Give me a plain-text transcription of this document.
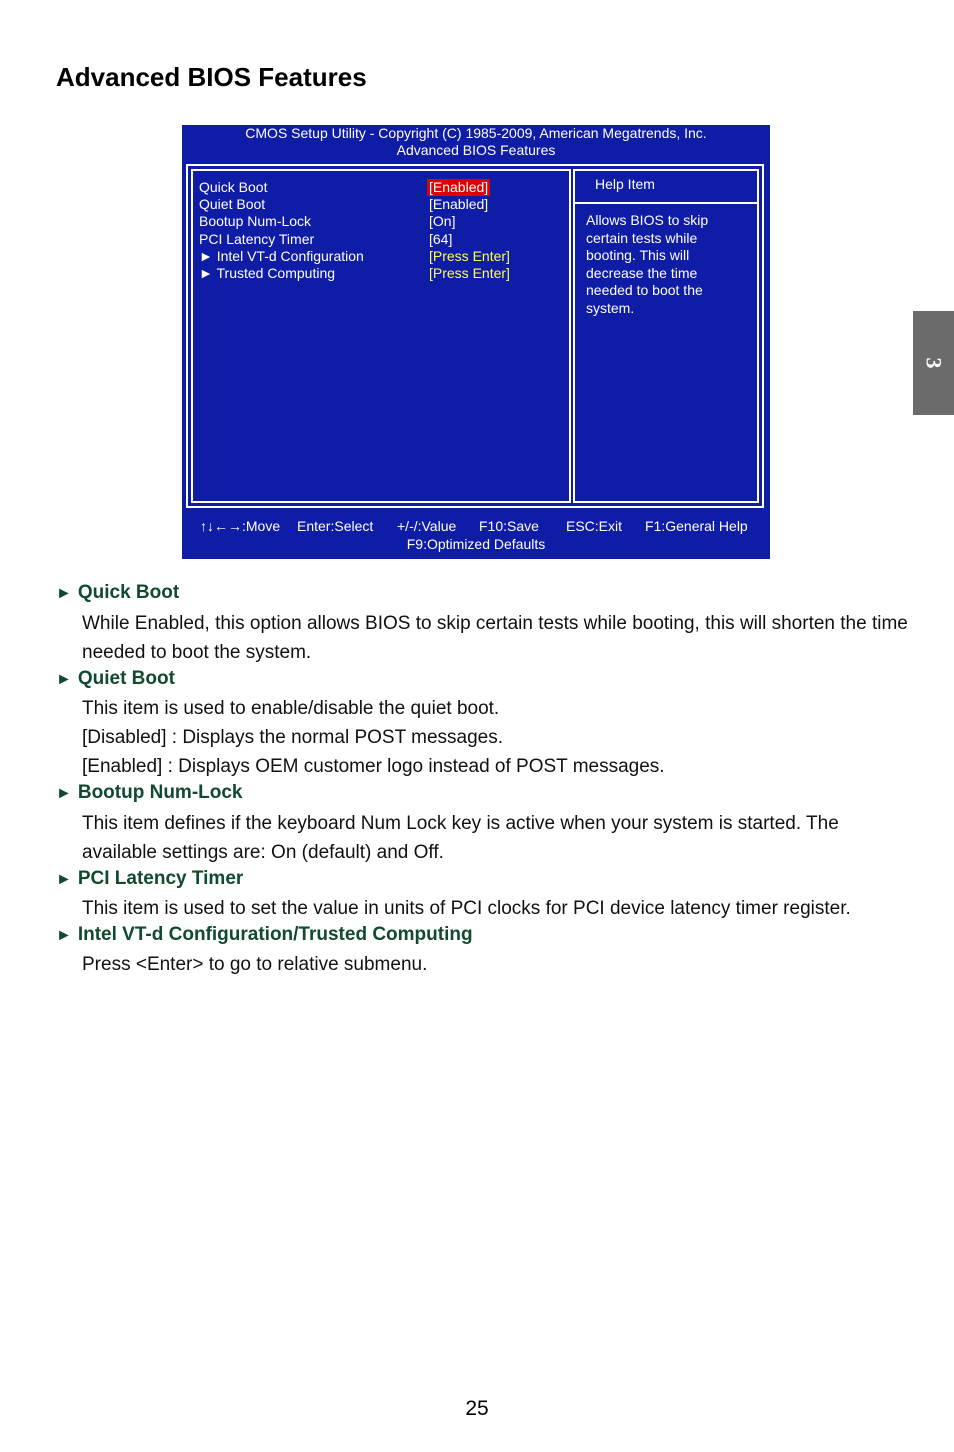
Advanced BIOS Features
3
CMOS Setup Utility - Copyright (C) 1985-2009, American Megatrends, Inc.
Advanced BIOS Features
Quick Boot	[Enabled]
Quiet Boot	[Enabled]
Bootup Num-Lock	[On]
PCI Latency Timer	[64]
► Intel VT-d Configuration	[Press Enter]
► Trusted Computing	[Press Enter]
Help Item
Allows BIOS to skip certain tests while booting. This will decrease the time needed to boot the system.
↑↓←→:Move Enter:Select +/-/:Value F10:Save ESC:Exit F1:General Help
F9:Optimized Defaults
► Quick Boot
While Enabled, this option allows BIOS to skip certain tests while booting, this will shorten the time needed to boot the system.
► Quiet Boot
This item is used to enable/disable the quiet boot.
[Disabled] : Displays the normal POST messages.
[Enabled] : Displays OEM customer logo instead of POST messages.
► Bootup Num-Lock
This item defines if the keyboard Num Lock key is active when your system is started. The available settings are: On (default) and Off.
► PCI Latency Timer
This item is used to set the value in units of PCI clocks for PCI device latency timer register.
► Intel VT-d Configuration/Trusted Computing
Press <Enter> to go to relative submenu.
25
